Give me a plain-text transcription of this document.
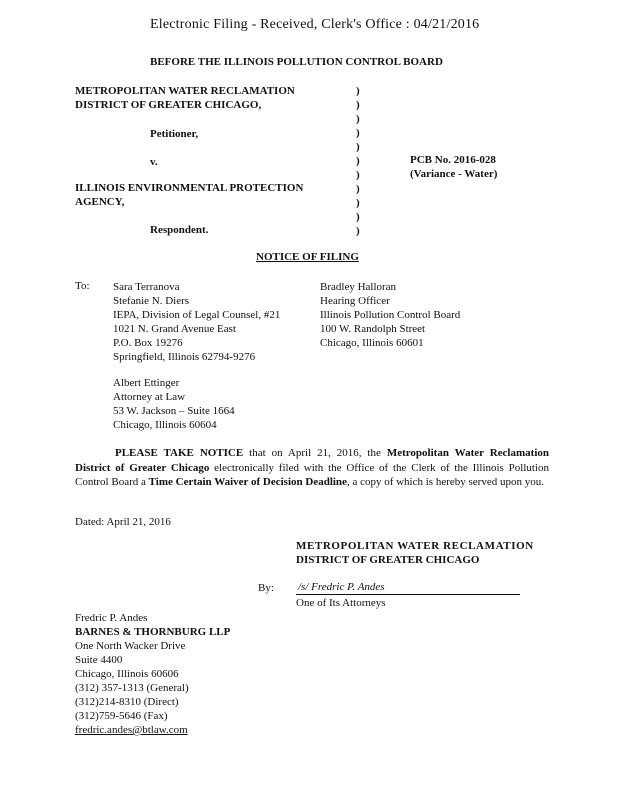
Electronic Filing - Received, Clerk's Office : 04/21/2016
BEFORE THE ILLINOIS POLLUTION CONTROL BOARD
METROPOLITAN WATER RECLAMATION
DISTRICT OF GREATER CHICAGO,
Petitioner,
v.
ILLINOIS ENVIRONMENTAL PROTECTION
AGENCY,
Respondent.
)
)
)
)
)
)
)
)
)
)
)
PCB No. 2016-028
(Variance - Water)
NOTICE OF FILING
To: Sara Terranova
Stefanie N. Diers
IEPA, Division of Legal Counsel, #21
1021 N. Grand Avenue East
P.O. Box 19276
Springfield, Illinois 62794-9276
Bradley Halloran
Hearing Officer
Illinois Pollution Control Board
100 W. Randolph Street
Chicago, Illinois 60601
Albert Ettinger
Attorney at Law
53 W. Jackson – Suite 1664
Chicago, Illinois 60604
PLEASE TAKE NOTICE that on April 21, 2016, the Metropolitan Water Reclamation District of Greater Chicago electronically filed with the Office of the Clerk of the Illinois Pollution Control Board a Time Certain Waiver of Decision Deadline, a copy of which is hereby served upon you.
Dated: April 21, 2016
METROPOLITAN WATER RECLAMATION
DISTRICT OF GREATER CHICAGO
By: /s/ Fredric P. Andes
One of Its Attorneys
Fredric P. Andes
BARNES & THORNBURG LLP
One North Wacker Drive
Suite 4400
Chicago, Illinois 60606
(312) 357-1313 (General)
(312)214-8310 (Direct)
(312)759-5646 (Fax)
fredric.andes@btlaw.com
